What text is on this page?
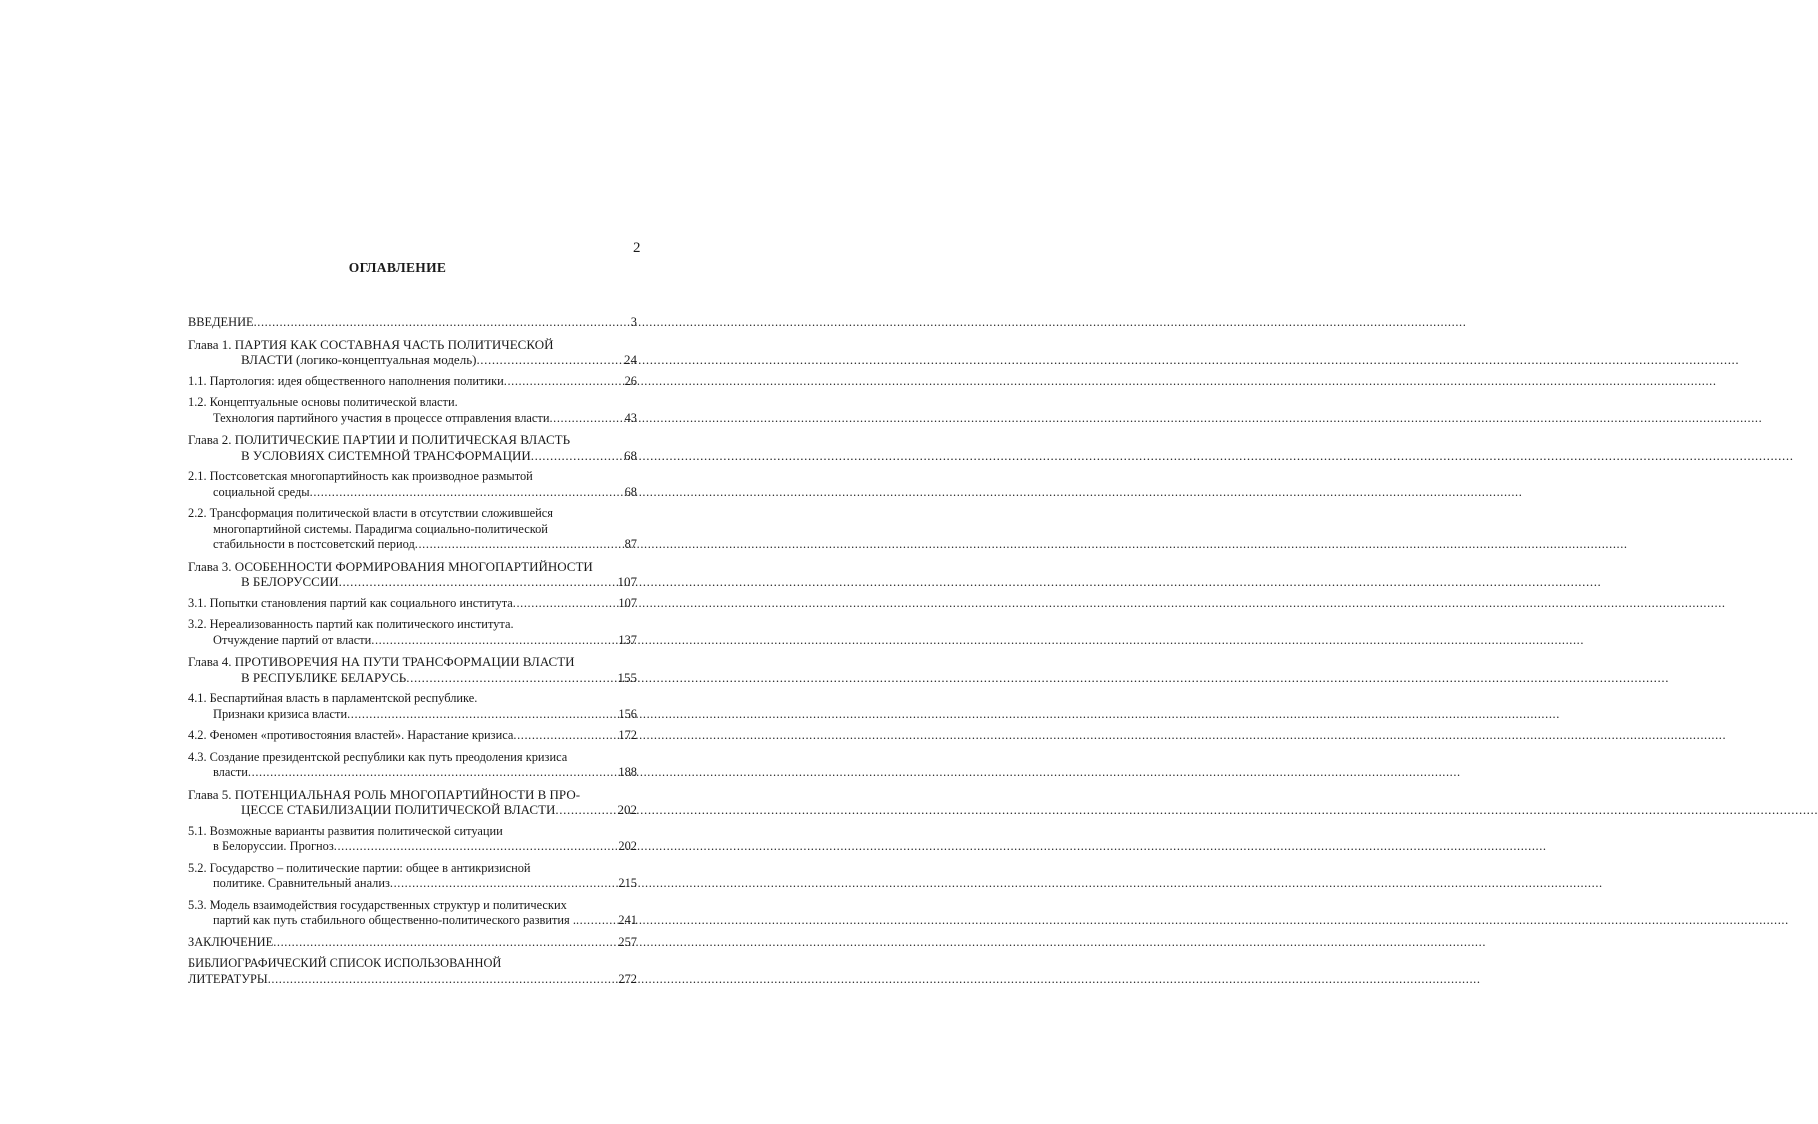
2
ОГЛАВЛЕНИЕ
ВВЕДЕНИЕ .....	3
Глава 1. ПАРТИЯ КАК СОСТАВНАЯ ЧАСТЬ ПОЛИТИЧЕСКОЙ
ВЛАСТИ (логико-концептуальная модель) .....	24
1.1. Партология: идея общественного наполнения политики .....	26
1.2. Концептуальные основы политической власти.
Технология партийного участия в процессе отправления власти .....	43
Глава 2. ПОЛИТИЧЕСКИЕ ПАРТИИ И ПОЛИТИЧЕСКАЯ ВЛАСТЬ
В УСЛОВИЯХ СИСТЕМНОЙ ТРАНСФОРМАЦИИ .....	68
2.1. Постсоветская многопартийность как производное размытой
социальной среды .....	68
2.2. Трансформация политической власти в отсутствии сложившейся
многопартийной системы. Парадигма социально-политической
стабильности в постсоветский период .....	87
Глава 3. ОСОБЕННОСТИ ФОРМИРОВАНИЯ МНОГОПАРТИЙНОСТИ
В БЕЛОРУССИИ .....	107
3.1. Попытки становления партий как социального института .....	107
3.2. Нереализованность партий как политического института.
Отчуждение партий от власти .....	137
Глава 4. ПРОТИВОРЕЧИЯ НА ПУТИ ТРАНСФОРМАЦИИ ВЛАСТИ
В РЕСПУБЛИКЕ БЕЛАРУСЬ .....	155
4.1. Беспартийная власть в парламентской республике.
Признаки кризиса власти .....	156
4.2. Феномен «противостояния властей». Нарастание кризиса .....	172
4.3. Создание президентской республики как путь преодоления кризиса
власти .....	188
Глава 5. ПОТЕНЦИАЛЬНАЯ РОЛЬ МНОГОПАРТИЙНОСТИ В ПРО-
ЦЕССЕ СТАБИЛИЗАЦИИ ПОЛИТИЧЕСКОЙ ВЛАСТИ .....	202
5.1. Возможные варианты развития политической ситуации
в Белоруссии. Прогноз .....	202
5.2. Государство – политические партии: общее в антикризисной
политике. Сравнительный анализ .....	215
5.3. Модель взаимодействия государственных структур и политических
партий как путь стабильного общественно-политического развития . .....	241
ЗАКЛЮЧЕНИЕ .....	257
БИБЛИОГРАФИЧЕСКИЙ СПИСОК ИСПОЛЬЗОВАННОЙ
ЛИТЕРАТУРЫ .....	272
